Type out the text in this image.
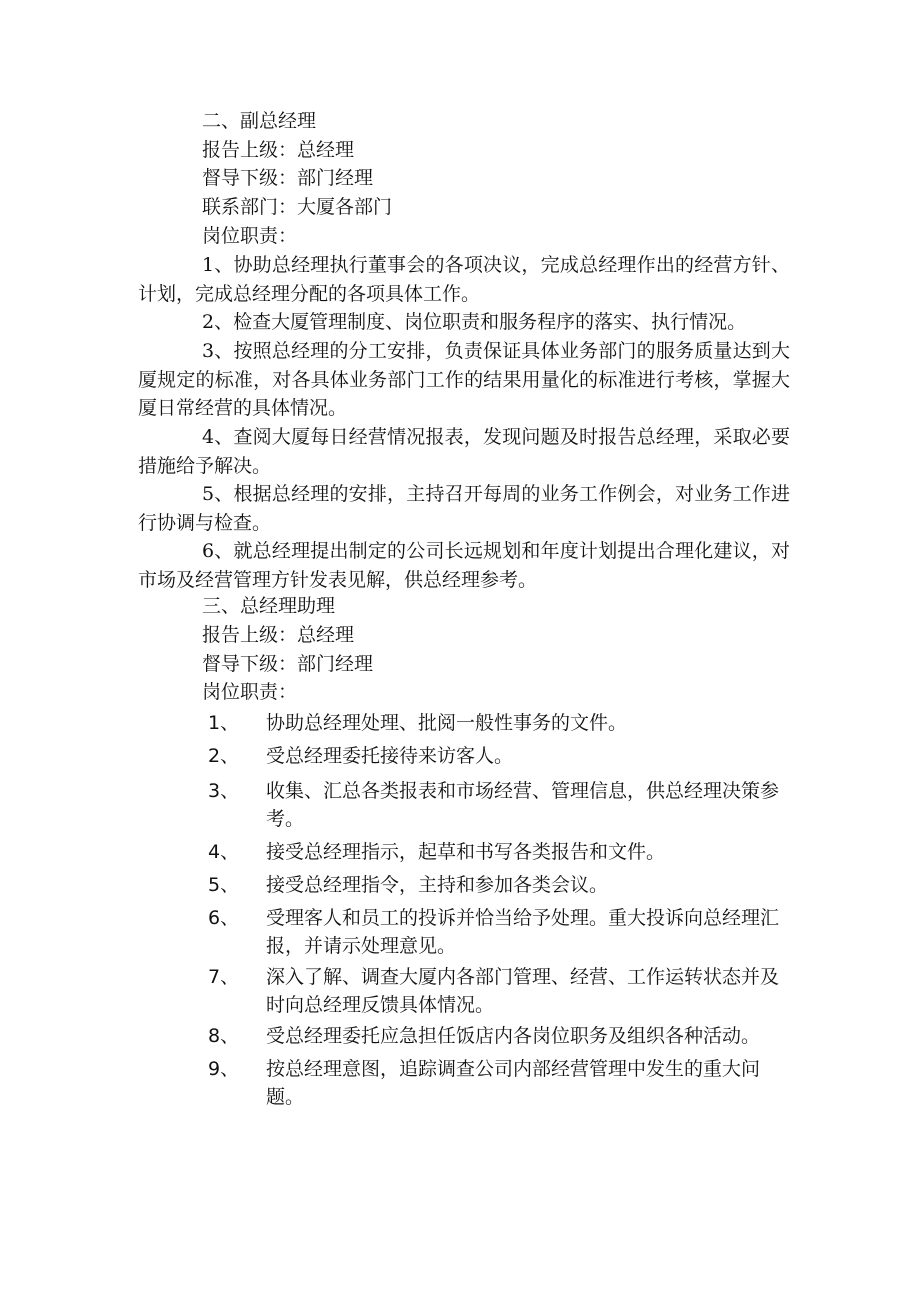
二、副总经理
报告上级：总经理
督导下级：部门经理
联系部门：大厦各部门
岗位职责：
1、协助总经理执行董事会的各项决议，完成总经理作出的经营方针、计划，完成总经理分配的各项具体工作。
2、检查大厦管理制度、岗位职责和服务程序的落实、执行情况。
3、按照总经理的分工安排，负责保证具体业务部门的服务质量达到大厦规定的标准，对各具体业务部门工作的结果用量化的标准进行考核，掌握大厦日常经营的具体情况。
4、查阅大厦每日经营情况报表，发现问题及时报告总经理，采取必要措施给予解决。
5、根据总经理的安排，主持召开每周的业务工作例会，对业务工作进行协调与检查。
6、就总经理提出制定的公司长远规划和年度计划提出合理化建议，对市场及经营管理方针发表见解，供总经理参考。
三、总经理助理
报告上级：总经理
督导下级：部门经理
岗位职责：
1、	协助总经理处理、批阅一般性事务的文件。
2、	受总经理委托接待来访客人。
3、	收集、汇总各类报表和市场经营、管理信息，供总经理决策参考。
4、	接受总经理指示，起草和书写各类报告和文件。
5、	接受总经理指令，主持和参加各类会议。
6、	受理客人和员工的投诉并恰当给予处理。重大投诉向总经理汇报，并请示处理意见。
7、	深入了解、调查大厦内各部门管理、经营、工作运转状态并及时向总经理反馈具体情况。
8、	受总经理委托应急担任饭店内各岗位职务及组织各种活动。
9、	按总经理意图，追踪调查公司内部经营管理中发生的重大问题。
